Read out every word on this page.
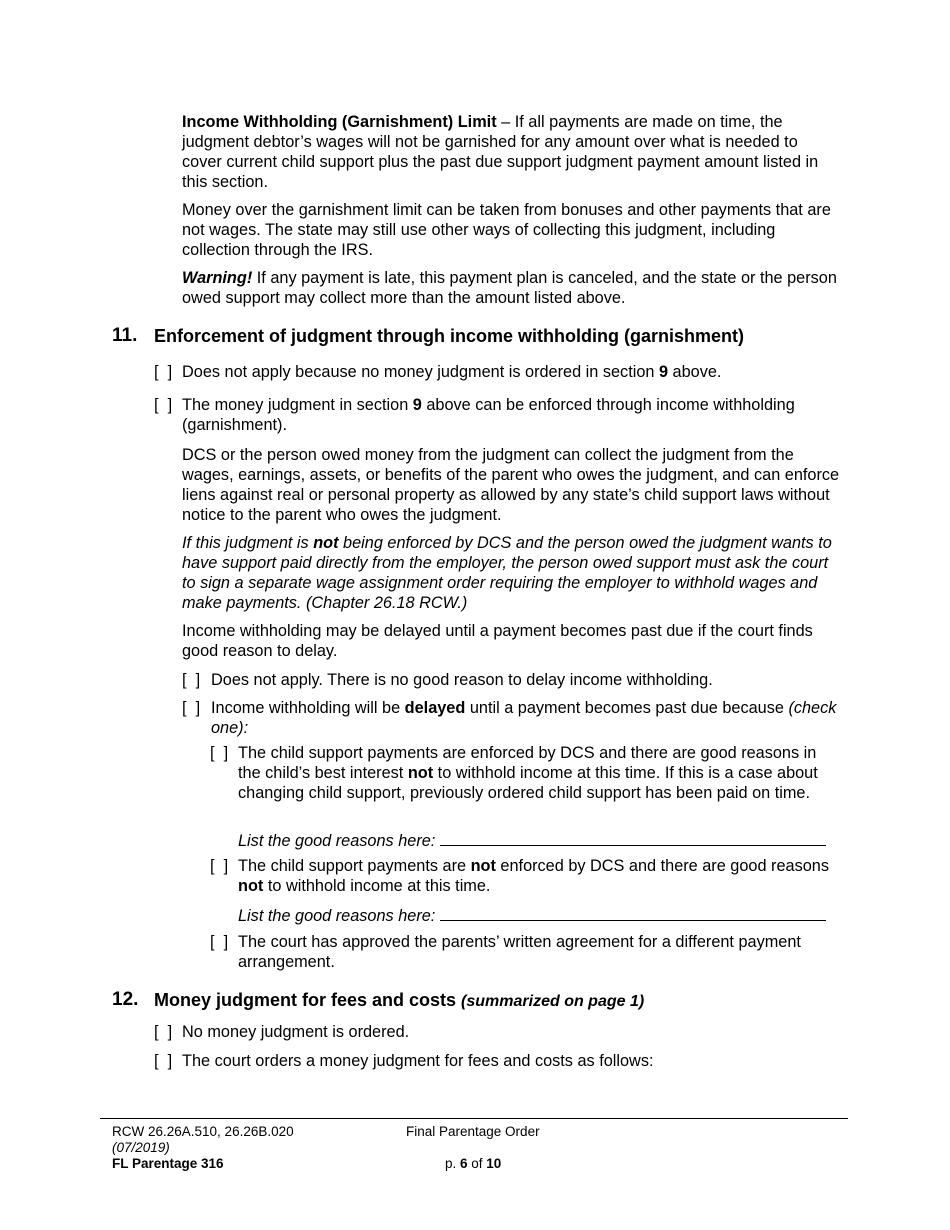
Income Withholding (Garnishment) Limit – If all payments are made on time, the judgment debtor’s wages will not be garnished for any amount over what is needed to cover current child support plus the past due support judgment payment amount listed in this section.

Money over the garnishment limit can be taken from bonuses and other payments that are not wages. The state may still use other ways of collecting this judgment, including collection through the IRS.

Warning! If any payment is late, this payment plan is canceled, and the state or the person owed support may collect more than the amount listed above.

11. Enforcement of judgment through income withholding (garnishment)
[  ] Does not apply because no money judgment is ordered in section 9 above.

[  ] The money judgment in section 9 above can be enforced through income withholding (garnishment).

DCS or the person owed money from the judgment can collect the judgment from the wages, earnings, assets, or benefits of the parent who owes the judgment, and can enforce liens against real or personal property as allowed by any state’s child support laws without notice to the parent who owes the judgment.

If this judgment is not being enforced by DCS and the person owed the judgment wants to have support paid directly from the employer, the person owed support must ask the court to sign a separate wage assignment order requiring the employer to withhold wages and make payments. (Chapter 26.18 RCW.)

Income withholding may be delayed until a payment becomes past due if the court finds good reason to delay.

[  ] Does not apply. There is no good reason to delay income withholding.

[  ] Income withholding will be delayed until a payment becomes past due because (check one):

[  ] The child support payments are enforced by DCS and there are good reasons in the child’s best interest not to withhold income at this time. If this is a case about changing child support, previously ordered child support has been paid on time.

List the good reasons here:

[  ] The child support payments are not enforced by DCS and there are good reasons not to withhold income at this time.

List the good reasons here:

[  ] The court has approved the parents’ written agreement for a different payment arrangement.

12. Money judgment for fees and costs (summarized on page 1)
[  ] No money judgment is ordered.

[  ] The court orders a money judgment for fees and costs as follows:

RCW 26.26A.510, 26.26B.020
(07/2019)
FL Parentage 316
Final Parentage Order
p. 6 of 10
